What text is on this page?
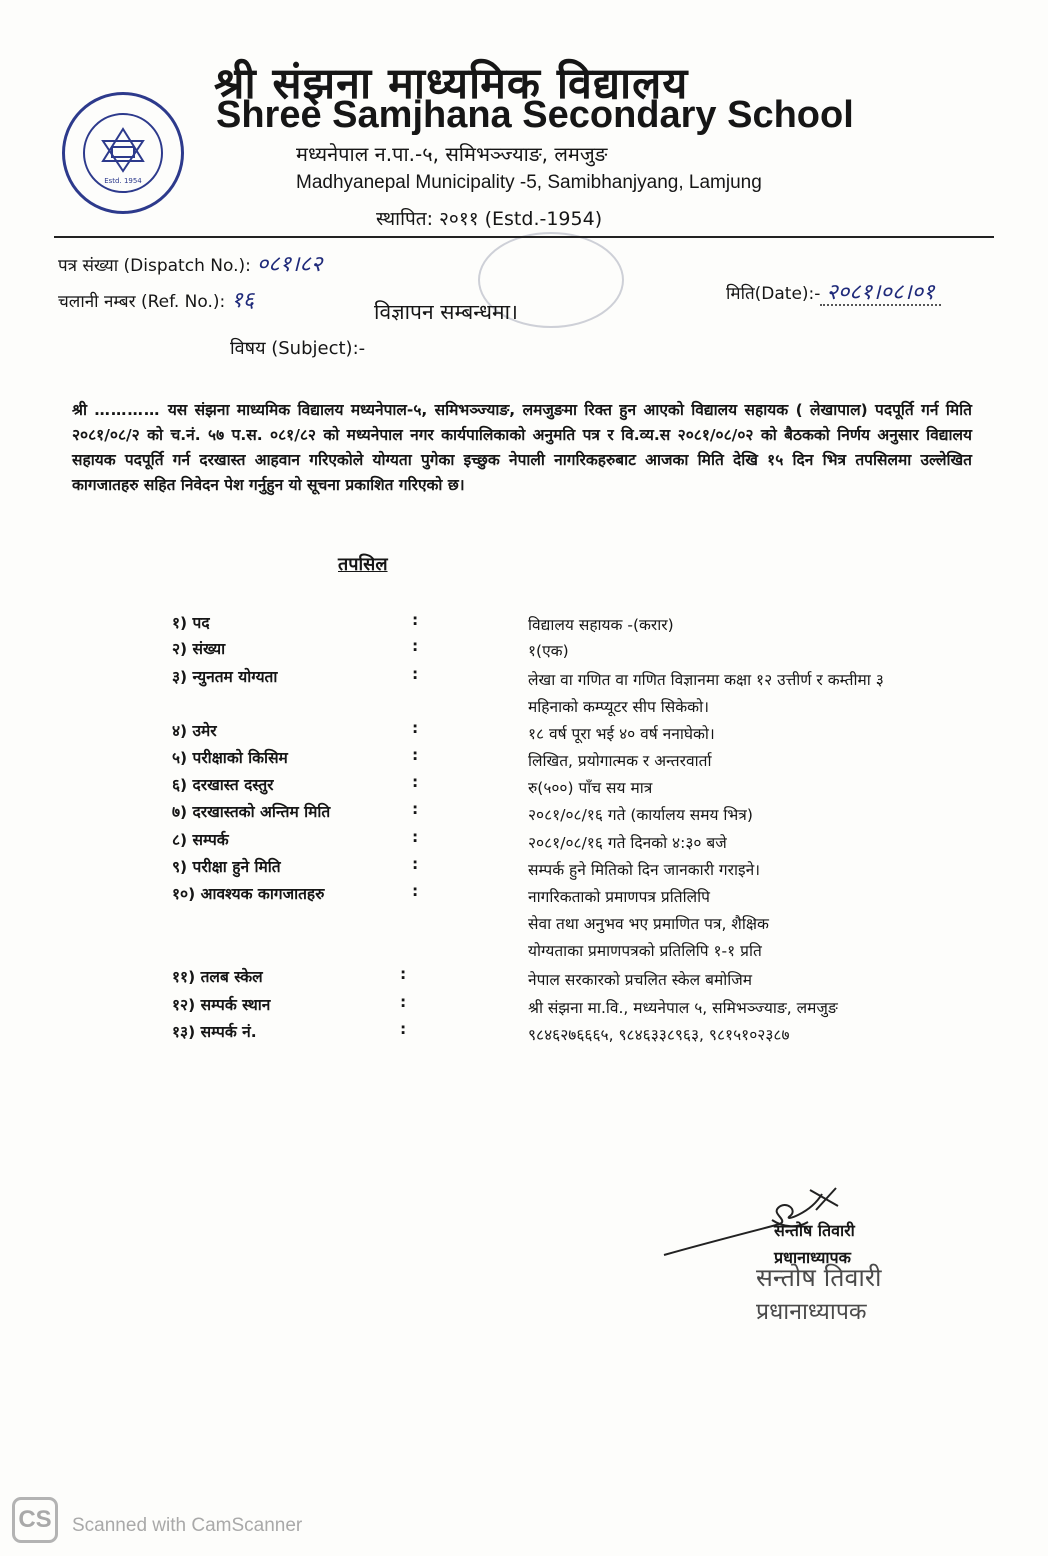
Estd. 1954
श्री संझना माध्यमिक विद्यालय
Shree Samjhana Secondary School
मध्यनेपाल न.पा.-५, समिभञ्ज्याङ, लमजुङ
Madhyanepal Municipality -5, Samibhanjyang, Lamjung
स्थापित: २०११ (Estd.-1954)
पत्र संख्या (Dispatch No.): ०८१।८२
चलानी नम्बर (Ref. No.): १६	मिति(Date):- २०८१।०८।०१
विज्ञापन सम्बन्धमा।
विषय (Subject):-
श्री ………… यस संझना माध्यमिक विद्यालय मध्यनेपाल-५, समिभञ्ज्याङ, लमजुङमा रिक्त हुन आएको विद्यालय सहायक ( लेखापाल) पदपूर्ति गर्न मिति २०८१/०८/२ को च.नं. ५७ प.स. ०८१/८२ को मध्यनेपाल नगर कार्यपालिकाको अनुमति पत्र र वि.व्य.स २०८१/०८/०२ को बैठकको निर्णय अनुसार विद्यालय सहायक पदपूर्ति गर्न दरखास्त आहवान गरिएकोले योग्यता पुगेका इच्छुक नेपाली नागरिकहरुबाट आजका मिति देखि १५ दिन भित्र तपसिलमा उल्लेखित कागजातहरु सहित निवेदन पेश गर्नुहुन यो सूचना प्रकाशित गरिएको छ।
तपसिल
१) पद	:	विद्यालय सहायक -(करार)
२) संख्या	:	१(एक)
३) न्युनतम योग्यता	:	लेखा वा गणित वा गणित विज्ञानमा कक्षा १२ उत्तीर्ण र कम्तीमा ३
महिनाको कम्प्यूटर सीप सिकेको।
४) उमेर	:	१८ वर्ष पूरा भई ४० वर्ष ननाघेको।
५) परीक्षाको किसिम	:	लिखित, प्रयोगात्मक र अन्तरवार्ता
६) दरखास्त दस्तुर	:	रु(५००) पाँच सय मात्र
७) दरखास्तको अन्तिम मिति	:	२०८१/०८/१६ गते (कार्यालय समय भित्र)
८) सम्पर्क	:	२०८१/०८/१६ गते दिनको ४:३० बजे
९) परीक्षा हुने मिति	:	सम्पर्क हुने मितिको दिन जानकारी गराइने।
१०) आवश्यक कागजातहरु	:	नागरिकताको प्रमाणपत्र प्रतिलिपि
सेवा तथा अनुभव भए प्रमाणित पत्र, शैक्षिक
योग्यताका प्रमाणपत्रको प्रतिलिपि १-१ प्रति
११) तलब स्केल	:	नेपाल सरकारको प्रचलित स्केल बमोजिम
१२) सम्पर्क स्थान	:	श्री संझना मा.वि., मध्यनेपाल ५, समिभञ्ज्याङ, लमजुङ
१३) सम्पर्क नं.	:	९८४६२७६६६५, ९८४६३३८९६३, ९८१५१०२३८७
सन्तोष तिवारी
प्रधानाध्यापक
सन्तोष तिवारी
प्रधानाध्यापक
CS	Scanned with CamScanner
